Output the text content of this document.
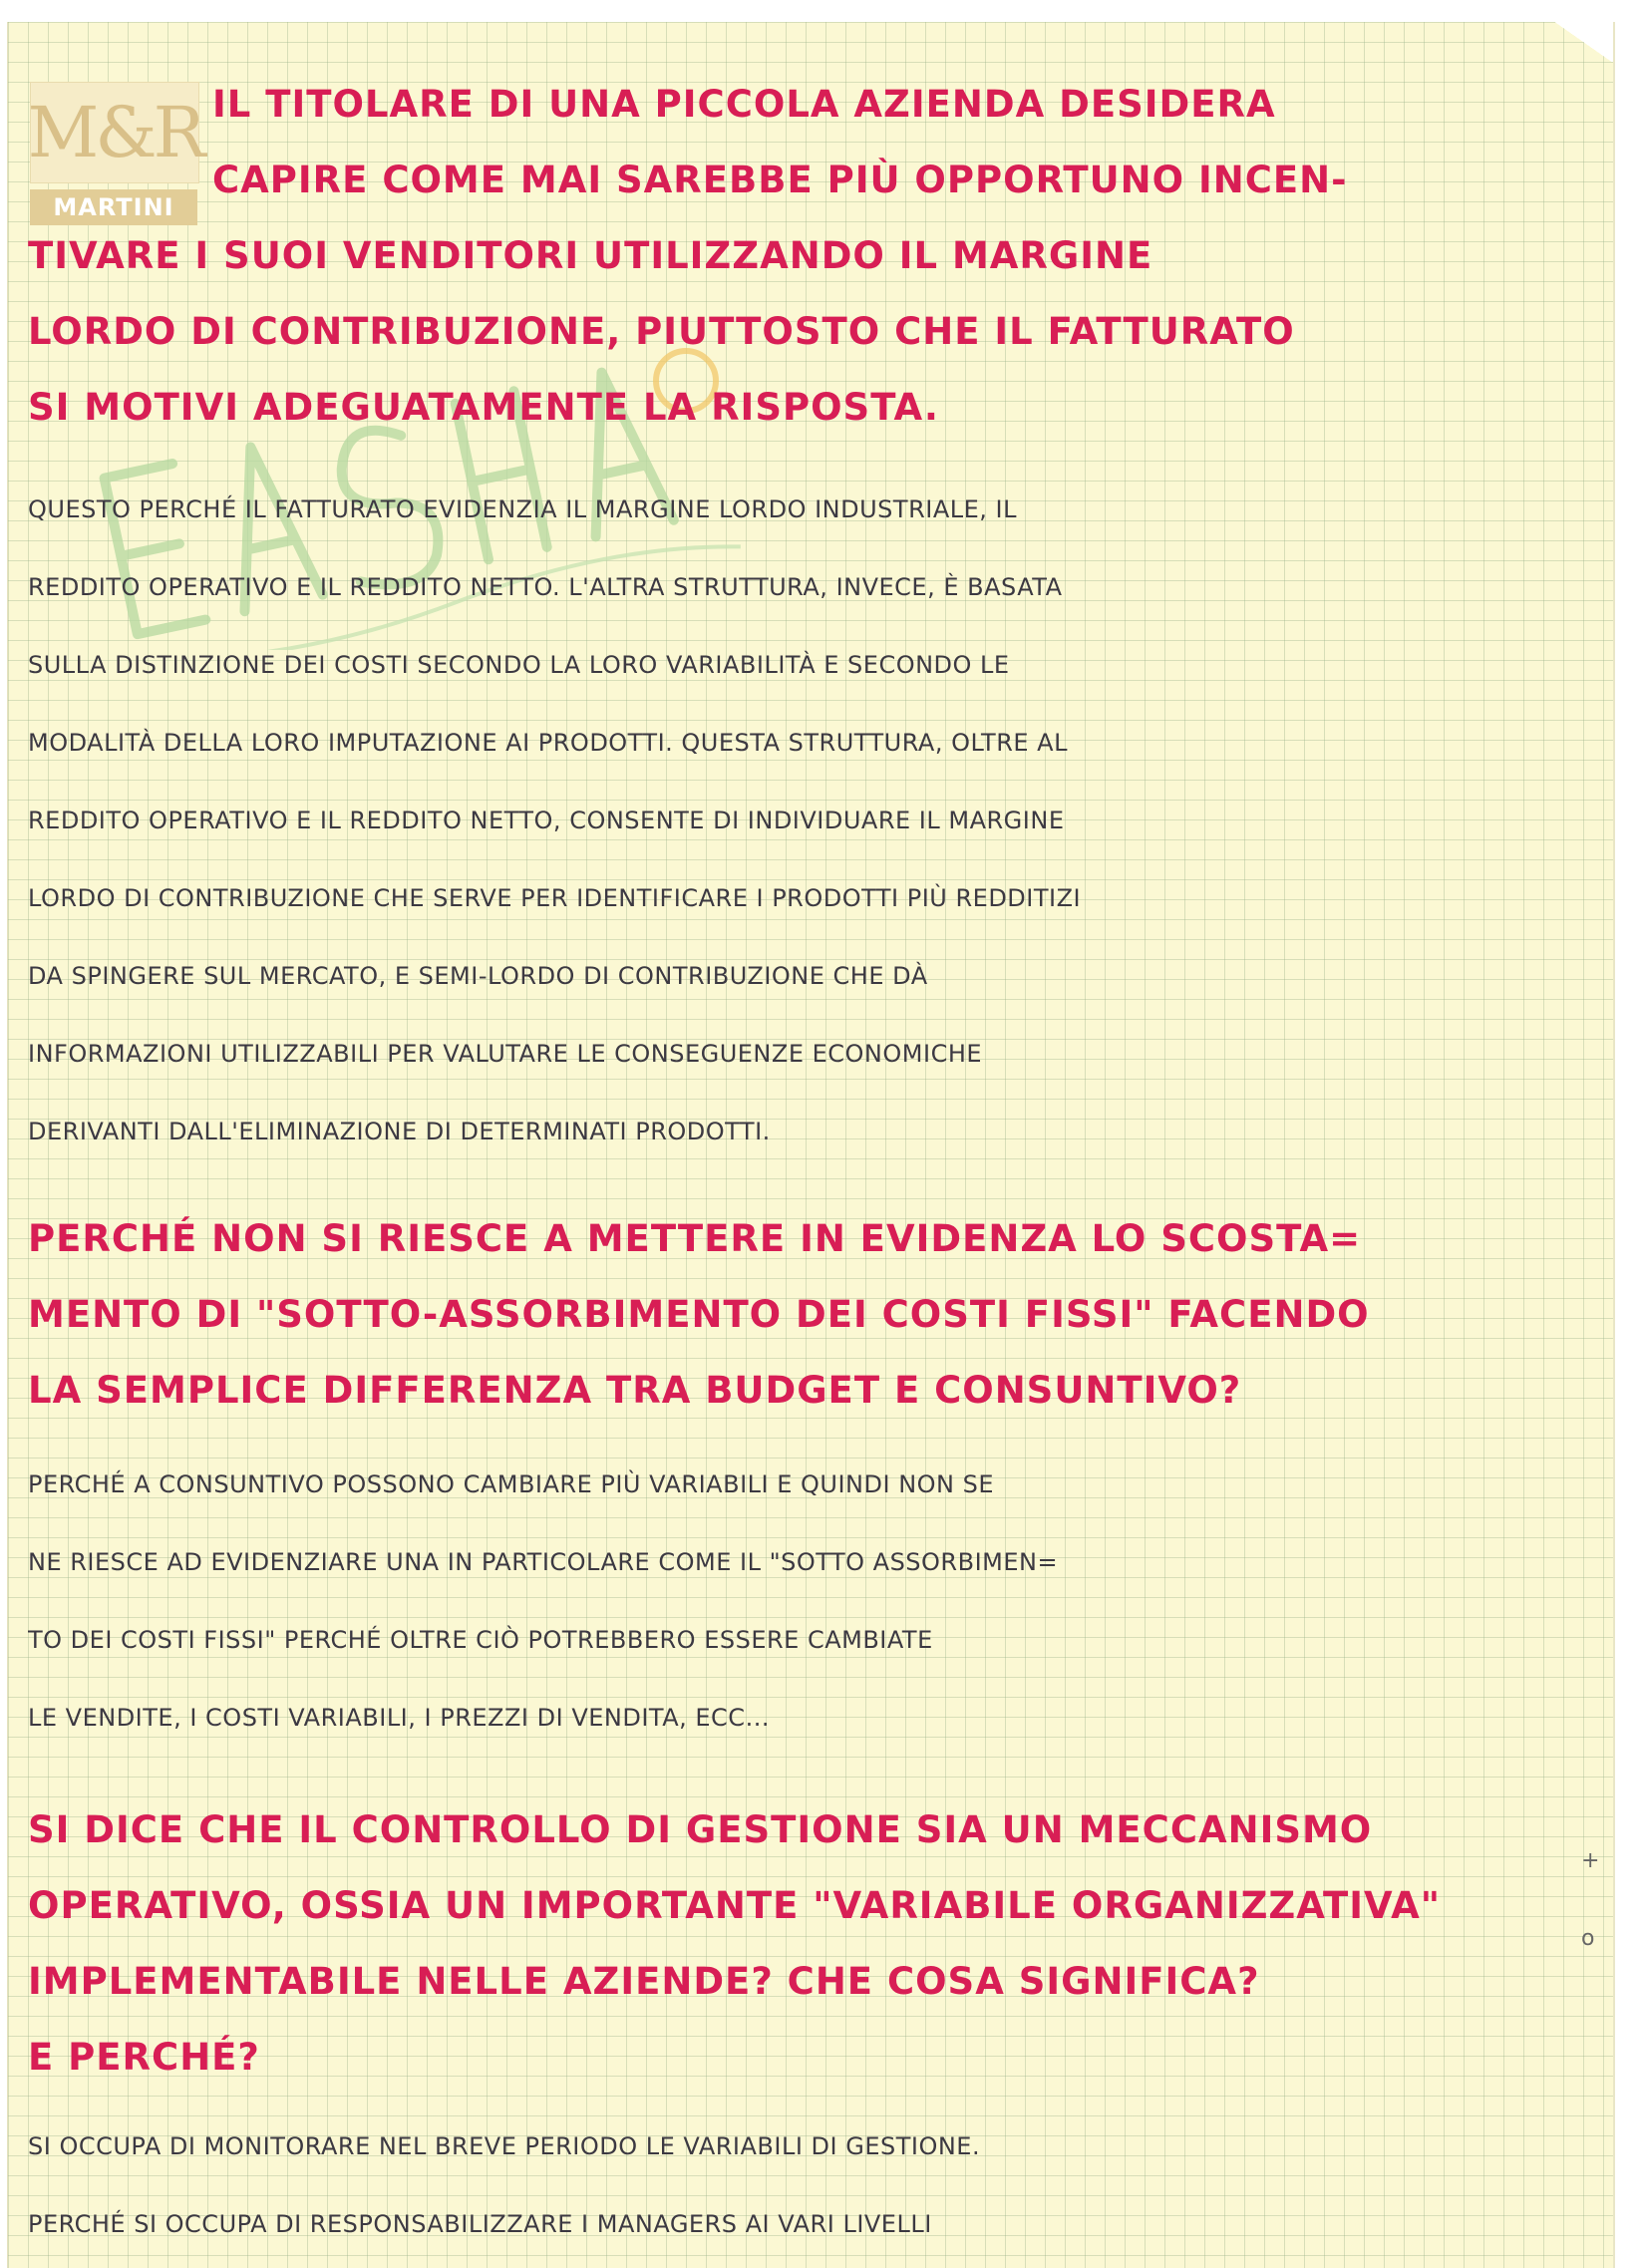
M&R
MARTINI
IL TITOLARE DI UNA PICCOLA AZIENDA DESIDERA
CAPIRE COME MAI SAREBBE PIÙ OPPORTUNO INCEN-
TIVARE I SUOI VENDITORI UTILIZZANDO IL MARGINE
LORDO DI CONTRIBUZIONE, PIUTTOSTO CHE IL FATTURATO
SI MOTIVI ADEGUATAMENTE LA RISPOSTA.
QUESTO PERCHÉ IL FATTURATO EVIDENZIA IL MARGINE LORDO INDUSTRIALE, IL
REDDITO OPERATIVO E IL REDDITO NETTO. L'ALTRA STRUTTURA, INVECE, È BASATA
SULLA DISTINZIONE DEI COSTI SECONDO LA LORO VARIABILITÀ E SECONDO LE
MODALITÀ DELLA LORO IMPUTAZIONE AI PRODOTTI. QUESTA STRUTTURA, OLTRE AL
REDDITO OPERATIVO E IL REDDITO NETTO, CONSENTE DI INDIVIDUARE IL MARGINE
LORDO DI CONTRIBUZIONE CHE SERVE PER IDENTIFICARE I PRODOTTI PIÙ REDDITIZI
DA SPINGERE SUL MERCATO, E SEMI-LORDO DI CONTRIBUZIONE CHE DÀ
INFORMAZIONI UTILIZZABILI PER VALUTARE LE CONSEGUENZE ECONOMICHE
DERIVANTI DALL'ELIMINAZIONE DI DETERMINATI PRODOTTI.
PERCHÉ NON SI RIESCE A METTERE IN EVIDENZA LO SCOSTA=
MENTO DI "SOTTO-ASSORBIMENTO DEI COSTI FISSI" FACENDO
LA SEMPLICE DIFFERENZA TRA BUDGET E CONSUNTIVO?
PERCHÉ A CONSUNTIVO POSSONO CAMBIARE PIÙ VARIABILI E QUINDI NON SE
NE RIESCE AD EVIDENZIARE UNA IN PARTICOLARE COME IL "SOTTO ASSORBIMEN=
TO DEI COSTI FISSI" PERCHÉ OLTRE CIÒ POTREBBERO ESSERE CAMBIATE
LE VENDITE, I COSTI VARIABILI, I PREZZI DI VENDITA, ECC...
SI DICE CHE IL CONTROLLO DI GESTIONE SIA UN MECCANISMO
OPERATIVO, OSSIA UN IMPORTANTE "VARIABILE ORGANIZZATIVA"
IMPLEMENTABILE NELLE AZIENDE? CHE COSA SIGNIFICA?
E PERCHÉ?
SI OCCUPA DI MONITORARE NEL BREVE PERIODO LE VARIABILI DI GESTIONE.
PERCHÉ SI OCCUPA DI RESPONSABILIZZARE I MANAGERS AI VARI LIVELLI
+
o
